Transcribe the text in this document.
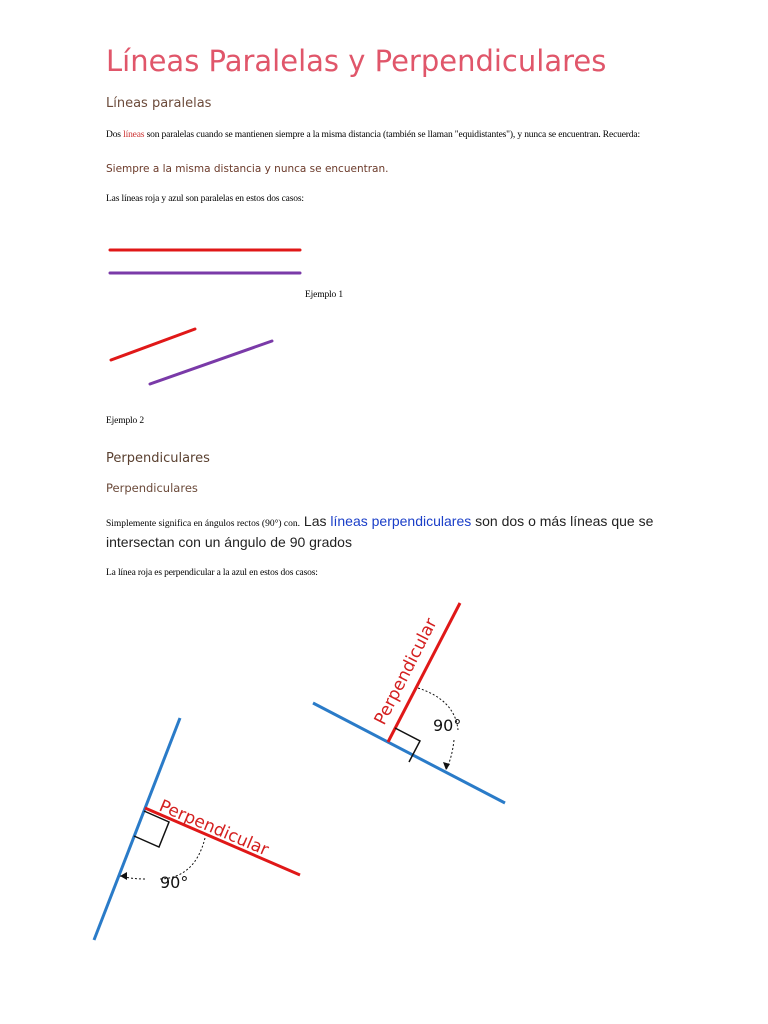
Líneas Paralelas y Perpendiculares
Líneas paralelas
Dos líneas son paralelas cuando se mantienen siempre a la misma distancia (también se llaman "equidistantes"), y nunca se encuentran. Recuerda:
Siempre a la misma distancia y nunca se encuentran.
Las líneas roja y azul son paralelas en estos dos casos:
Perpendicular
90°
Perpendicular
90°
Ejemplo 1
Ejemplo 2
Perpendiculares
Perpendiculares
Simplemente significa en ángulos rectos (90°) con. Las líneas perpendiculares son dos o más líneas que se intersectan con un ángulo de 90 grados
La línea roja es perpendicular a la azul en estos dos casos:
